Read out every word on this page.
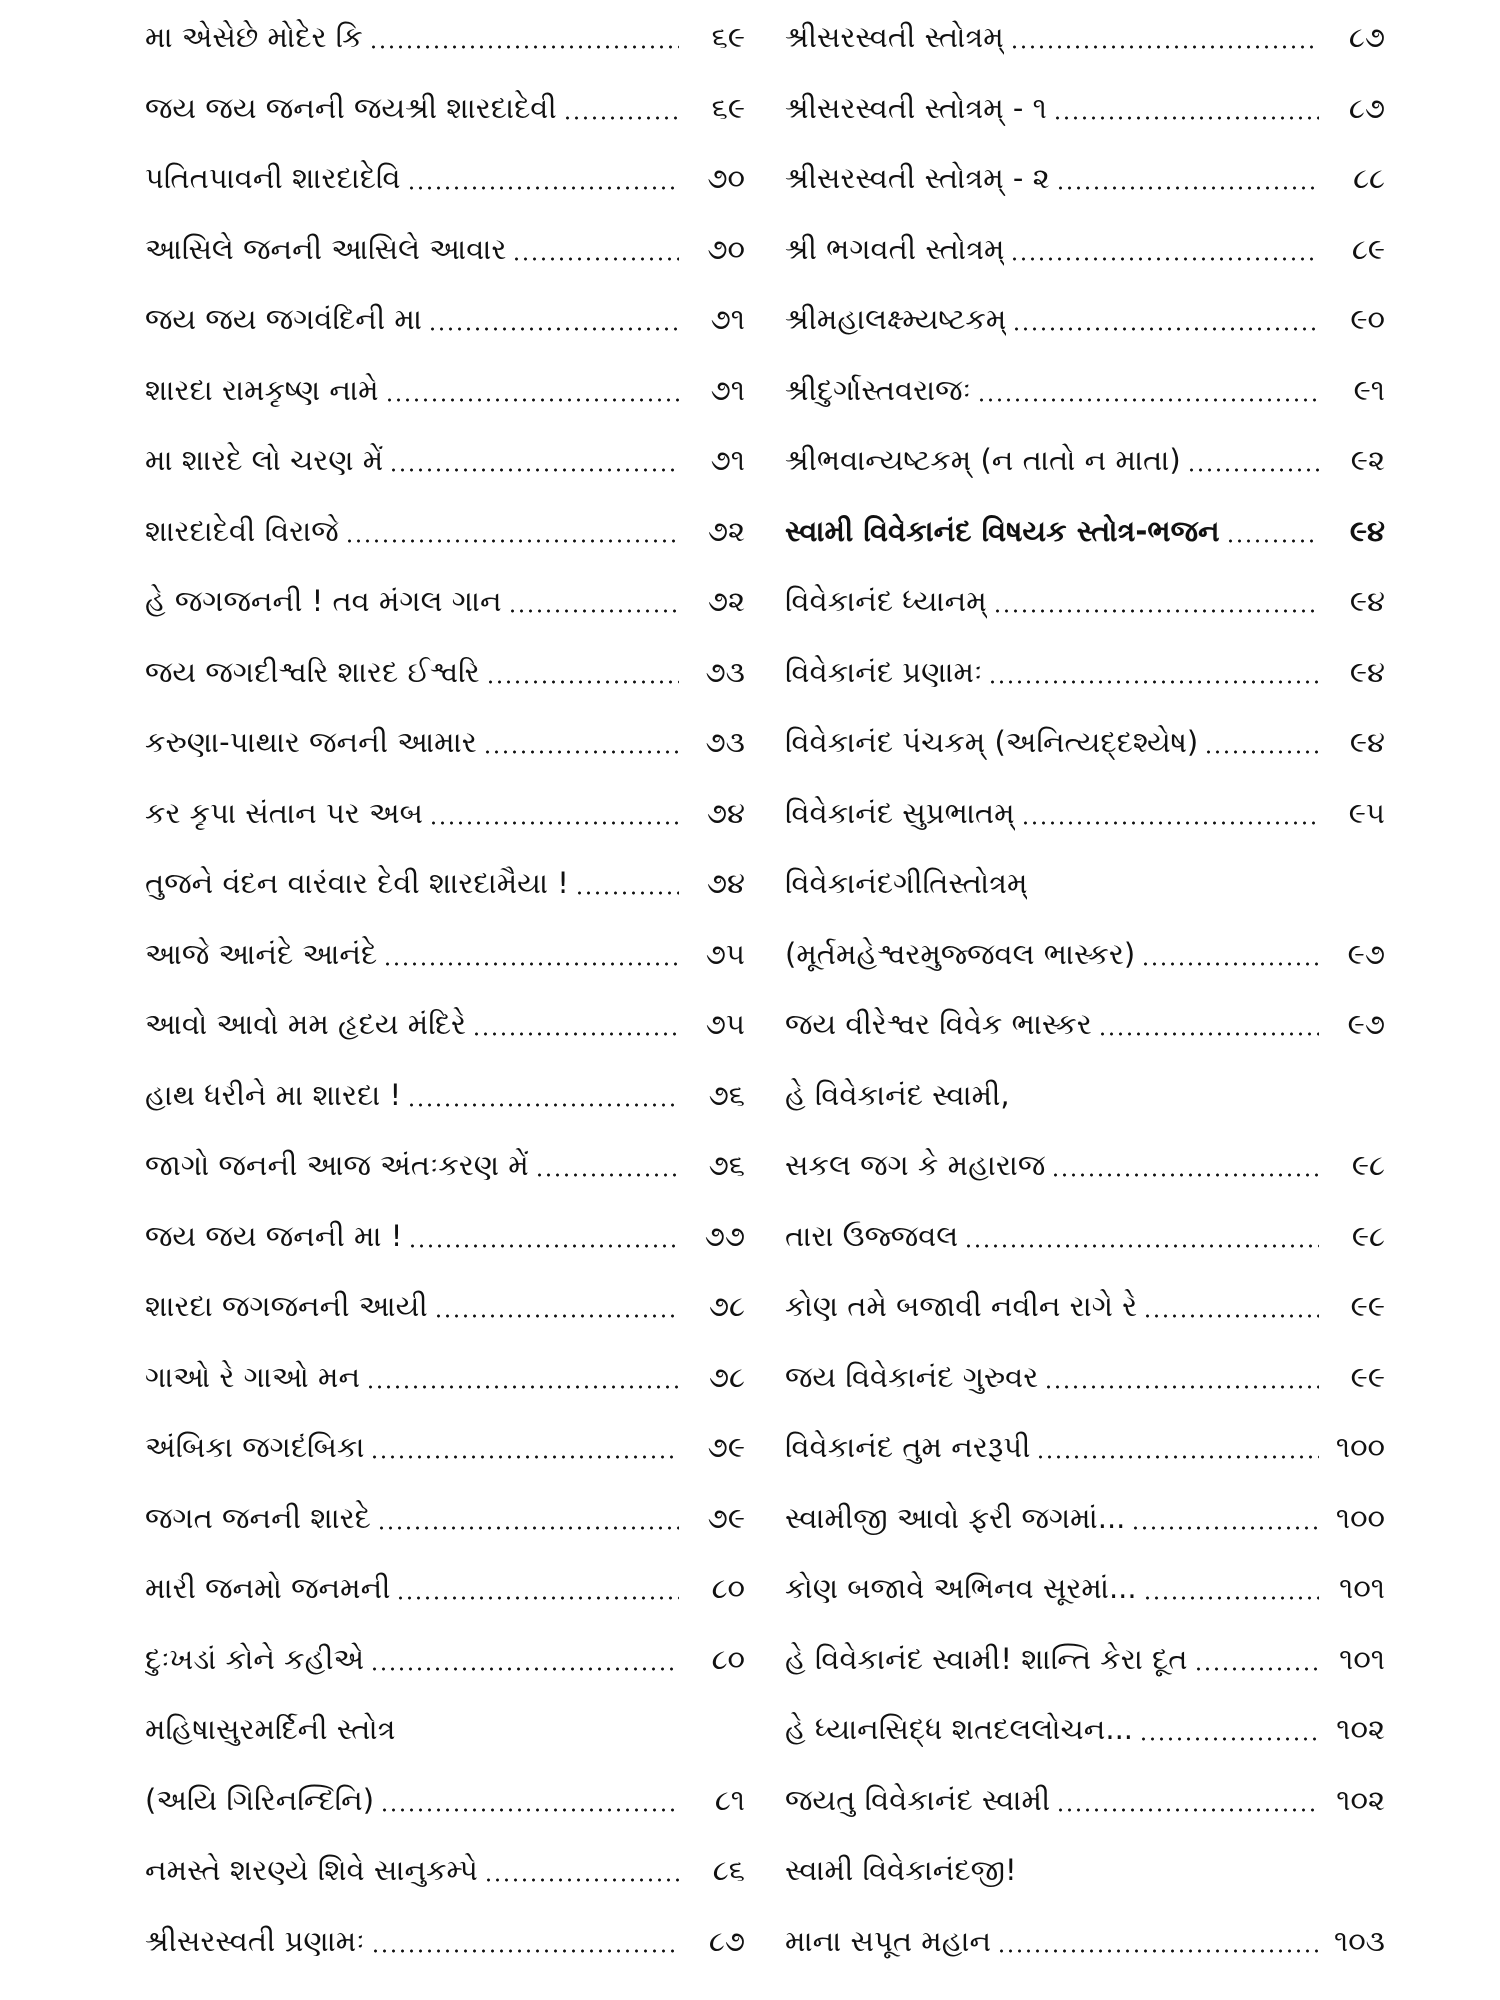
મા એસેછે મોદેર કિ	૬૯
જય જય જનની જયશ્રી શારદાદેવી	૬૯
પતિતપાવની શારદાદેવિ	૭૦
આસિલે જનની આસિલે આવાર	૭૦
જય જય જગવંદિની મા	૭૧
શારદા રામકૃષ્ણ નામે	૭૧
મા શારદે લો ચરણ મેં	૭૧
શારદાદેવી વિરાજે	૭૨
હે જગજનની ! તવ મંગલ ગાન	૭૨
જય જગદીશ્વરિ શારદ ઈશ્વરિ	૭૩
કરુણા-પાથાર જનની આમાર	૭૩
કર કૃપા સંતાન પર અબ	૭૪
તુજને વંદન વારંવાર દેવી શારદામૈયા !	૭૪
આજે આનંદે આનંદે	૭૫
આવો આવો મમ હૃદય મંદિરે	૭૫
હાથ ધરીને મા શારદા !	૭૬
જાગો જનની આજ અંતઃકરણ મેં	૭૬
જય જય જનની મા !	૭૭
શારદા જગજનની આયી	૭૮
ગાઓ રે ગાઓ મન	૭૮
અંબિકા જગદંબિકા	૭૯
જગત જનની શારદે	૭૯
મારી જનમો જનમની	૮૦
દુઃખડાં કોને કહીએ	૮૦
મહિષાસુરમર્દિની સ્તોત્ર
(અયિ ગિરિનન્દિનિ)	૮૧
નમસ્તે શરણ્યે શિવે સાનુકમ્પે	૮૬
શ્રીસરસ્વતી પ્રણામઃ	૮૭
શ્રીસરસ્વતી સ્તોત્રમ્	૮૭
શ્રીસરસ્વતી સ્તોત્રમ્ - ૧	૮૭
શ્રીસરસ્વતી સ્તોત્રમ્ - ૨	૮૮
શ્રી ભગવતી સ્તોત્રમ્	૮૯
શ્રીમહાલક્ષ્મ્યષ્ટકમ્	૯૦
શ્રીદુર્ગાસ્તવરાજઃ	૯૧
શ્રીભવાન્યષ્ટકમ્ (ન તાતો ન માતા)	૯૨
સ્વામી વિવેકાનંદ વિષયક સ્તોત્ર-ભજન	૯૪
વિવેકાનંદ ધ્યાનમ્	૯૪
વિવેકાનંદ પ્રણામઃ	૯૪
વિવેકાનંદ પંચકમ્ (અનિત્યદ્દશ્યેષ)	૯૪
વિવેકાનંદ સુપ્રભાતમ્	૯૫
વિવેકાનંદગીતિસ્તોત્રમ્
(મૂર્તમહેશ્વરમુજ્જવલ ભાસ્કર)	૯૭
જય વીરેશ્વર વિવેક ભાસ્કર	૯૭
હે વિવેકાનંદ સ્વામી,
સકલ જગ કે મહારાજ	૯૮
તારા ઉજ્જવલ	૯૮
કોણ તમે બજાવી નવીન રાગે રે	૯૯
જય વિવેકાનંદ ગુરુવર	૯૯
વિવેકાનંદ તુમ નરરૂપી	૧૦૦
સ્વામીજી આવો ફરી જગમાં...	૧૦૦
કોણ બજાવે અભિનવ સૂરમાં...	૧૦૧
હે વિવેકાનંદ સ્વામી! શાન્તિ કેરા દૂત	૧૦૧
હે ધ્યાનસિદ્ધ શતદલલોચન...	૧૦૨
જયતુ વિવેકાનંદ સ્વામી	૧૦૨
સ્વામી વિવેકાનંદજી!
માના સપૂત મહાન	૧૦૩
